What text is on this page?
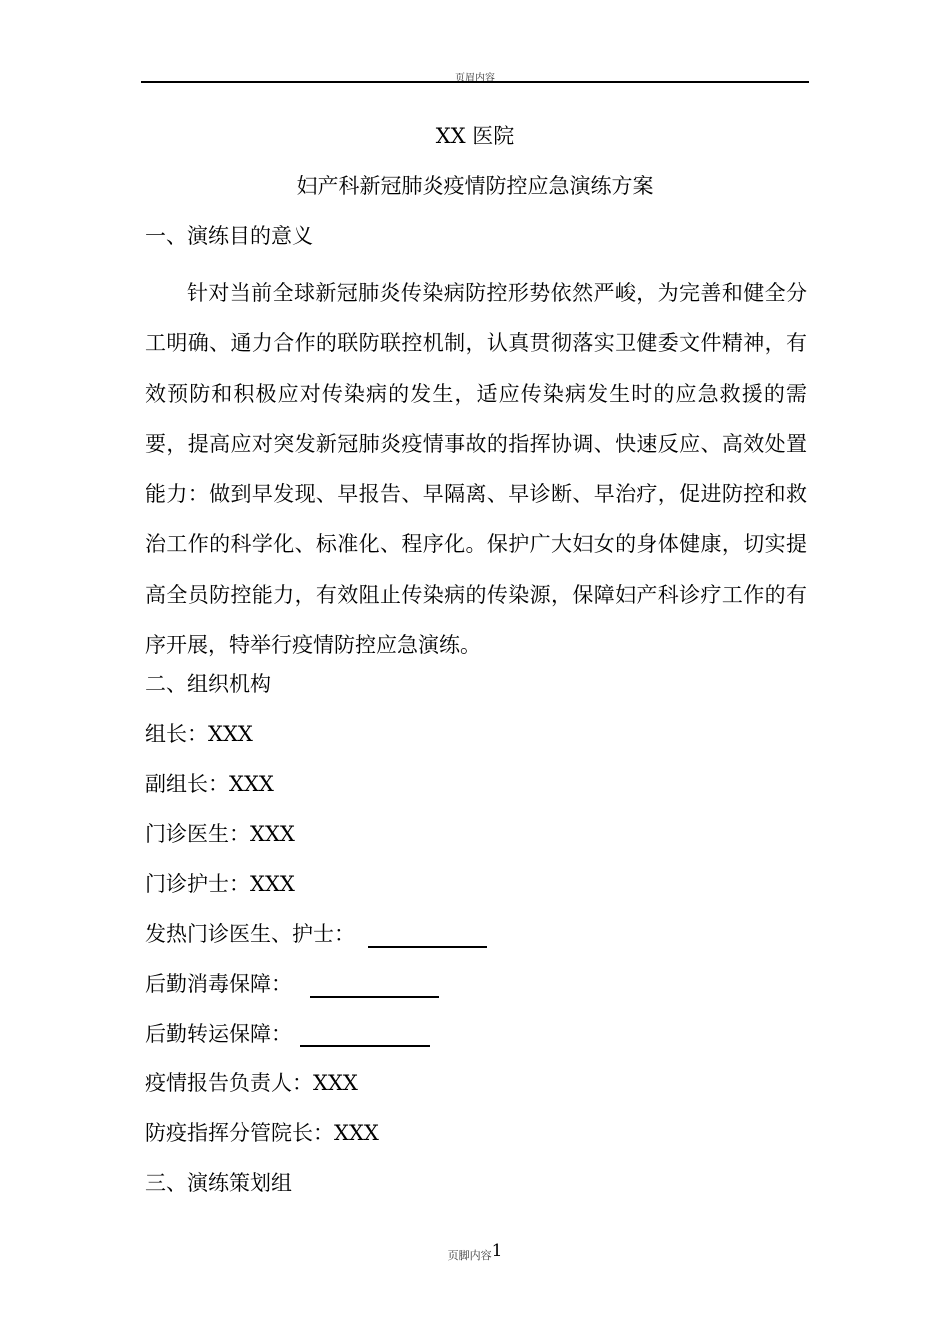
页眉内容
XX 医院
妇产科新冠肺炎疫情防控应急演练方案
一、演练目的意义

针对当前全球新冠肺炎传染病防控形势依然严峻，为完善和健全分工明确、通力合作的联防联控机制，认真贯彻落实卫健委文件精神，有效预防和积极应对传染病的发生，适应传染病发生时的应急救援的需要，提高应对突发新冠肺炎疫情事故的指挥协调、快速反应、高效处置能力：做到早发现、早报告、早隔离、早诊断、早治疗，促进防控和救治工作的科学化、标准化、程序化。保护广大妇女的身体健康，切实提高全员防控能力，有效阻止传染病的传染源，保障妇产科诊疗工作的有序开展，特举行疫情防控应急演练。

二、组织机构
组长：XXX
副组长：XXX
门诊医生：XXX
门诊护士：XXX
发热门诊医生、护士：
后勤消毒保障：
后勤转运保障：
疫情报告负责人：XXX
防疫指挥分管院长：XXX
三、演练策划组
页脚内容1
